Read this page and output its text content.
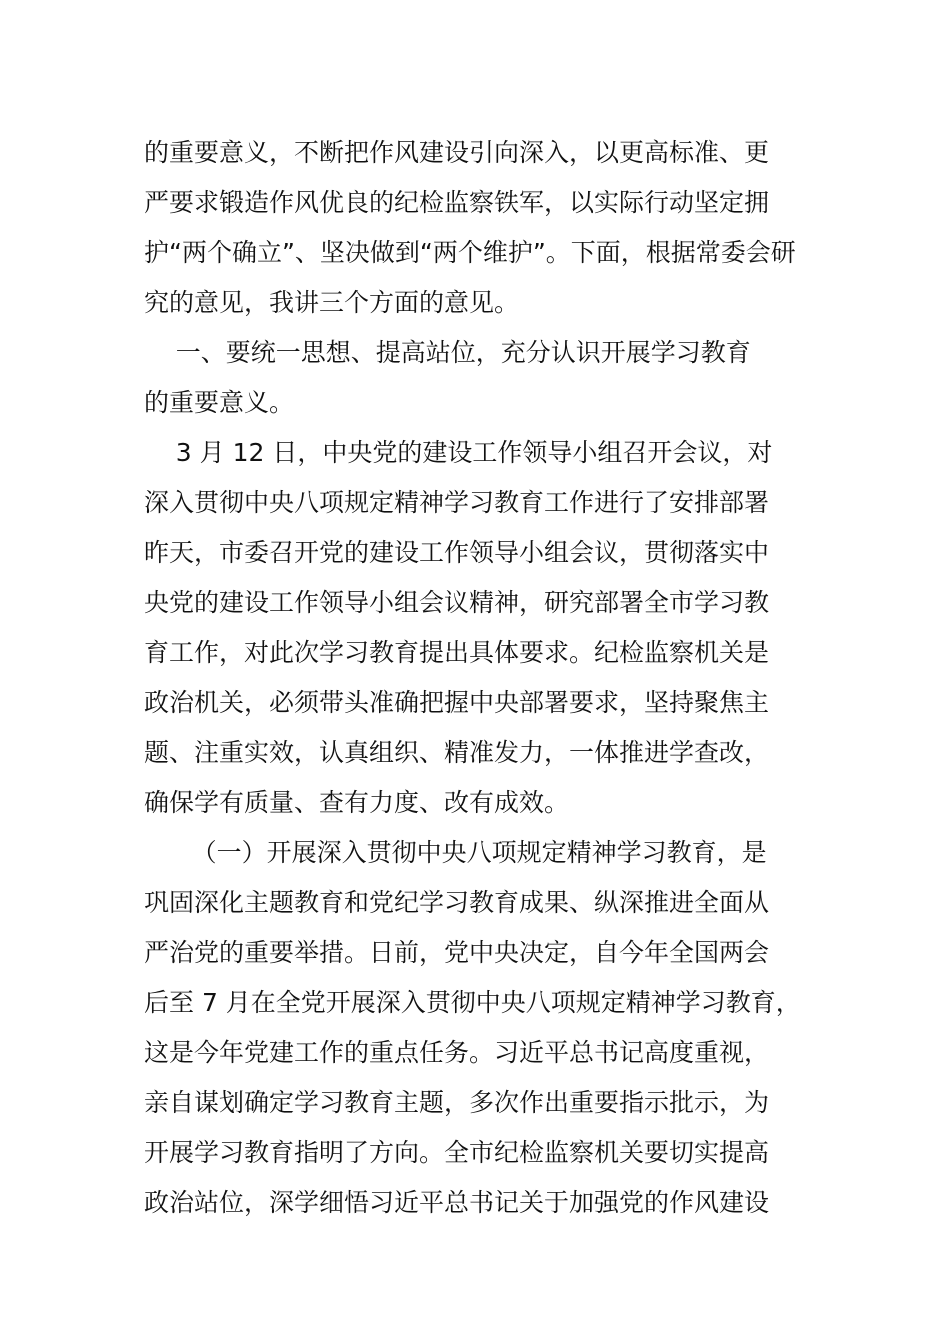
的重要意义，不断把作风建设引向深入，以更高标准、更
严要求锻造作风优良的纪检监察铁军，以实际行动坚定拥
护“两个确立”、坚决做到“两个维护”。下面，根据常委会研
究的意见，我讲三个方面的意见。
一、要统一思想、提高站位，充分认识开展学习教育
的重要意义。
3 月 12 日，中央党的建设工作领导小组召开会议，对
深入贯彻中央八项规定精神学习教育工作进行了安排部署
昨天，市委召开党的建设工作领导小组会议，贯彻落实中
央党的建设工作领导小组会议精神，研究部署全市学习教
育工作，对此次学习教育提出具体要求。纪检监察机关是
政治机关，必须带头准确把握中央部署要求，坚持聚焦主
题、注重实效，认真组织、精准发力，一体推进学查改，
确保学有质量、查有力度、改有成效。
（一）开展深入贯彻中央八项规定精神学习教育，是
巩固深化主题教育和党纪学习教育成果、纵深推进全面从
严治党的重要举措。日前，党中央决定，自今年全国两会
后至 7 月在全党开展深入贯彻中央八项规定精神学习教育，
这是今年党建工作的重点任务。习近平总书记高度重视，
亲自谋划确定学习教育主题，多次作出重要指示批示，为
开展学习教育指明了方向。全市纪检监察机关要切实提高
政治站位，深学细悟习近平总书记关于加强党的作风建设
